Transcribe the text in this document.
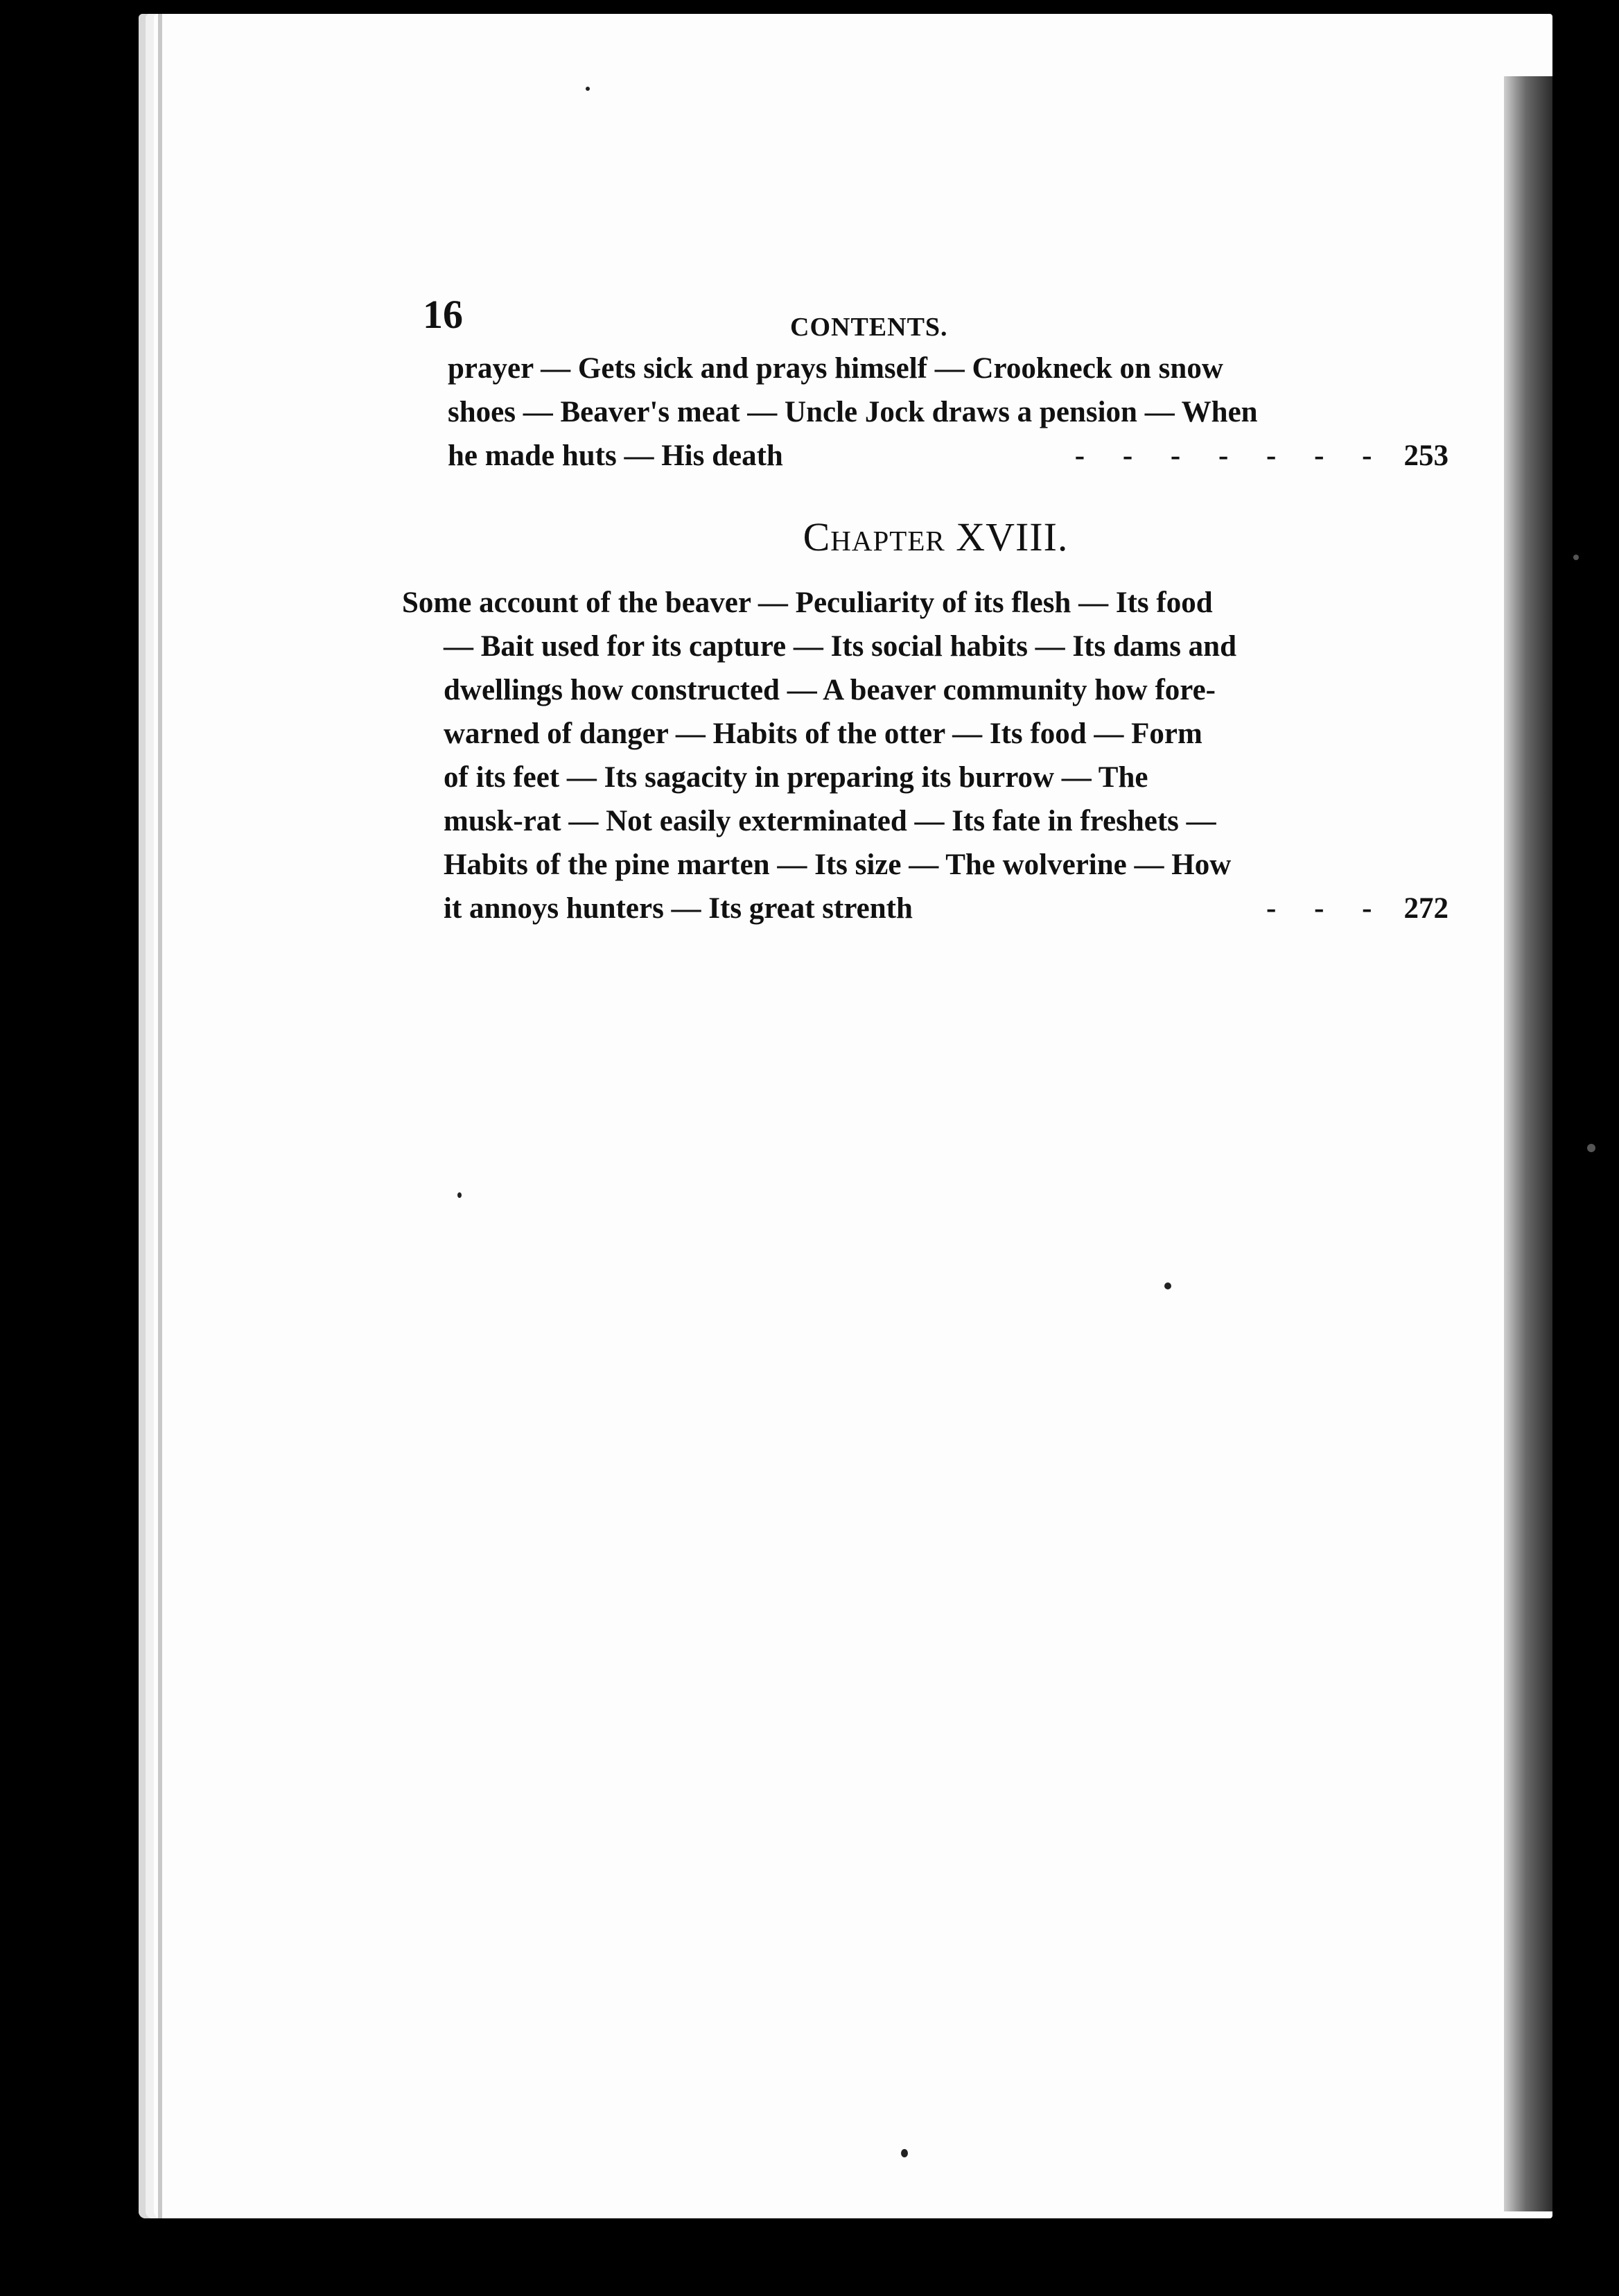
16	CONTENTS.
prayer — Gets sick and prays himself — Crookneck on snow
shoes — Beaver's meat — Uncle Jock draws a pension — When
he made huts — His death	- - - - - - - 253
Chapter XVIII.
Some account of the beaver — Peculiarity of its flesh — Its food
— Bait used for its capture — Its social habits — Its dams and
dwellings how constructed — A beaver community how fore-
warned of danger — Habits of the otter — Its food — Form
of its feet — Its sagacity in preparing its burrow — The
musk-rat — Not easily exterminated — Its fate in freshets —
Habits of the pine marten — Its size — The wolverine — How
it annoys hunters — Its great strenth	- - - 272
